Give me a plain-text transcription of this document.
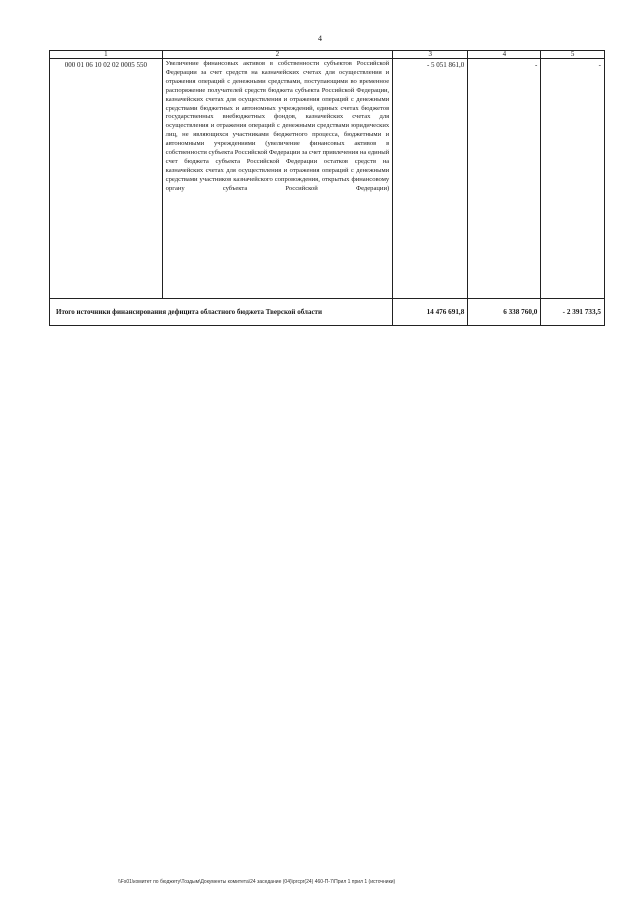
4
1	2	3	4	5
000 01 06 10 02 02 0005 550	Увеличение финансовых активов в собственности субъектов Российской Федерации за счет средств на казначейских счетах для осуществления и отражения операций с денежными средствами, поступающими во временное распоряжение получателей средств бюджета субъекта Российской Федерации, казначейских счетах для осуществления и отражения операций с денежными средствами бюджетных и автономных учреждений, единых счетах бюджетов государственных внебюджетных фондов, казначейских счетах для осуществления и отражения операций с денежными средствами юридических лиц, не являющихся участниками бюджетного процесса, бюджетными и автономными учреждениями (увеличение финансовых активов в собственности субъекта Российской Федерации за счет привлечения на единый счет бюджета субъекта Российской Федерации остатков средств на казначейских счетах для осуществления и отражения операций с денежными средствами участников казначейского сопровождения, открытых финансовому органу субъекта Российской Федерации)	- 5 051 861,0	-	-
Итого источники финансирования дефицита областного бюджета Тверской области		14 476 691,8	6 338 760,0	- 2 391 733,5
\\Fs01\комитет по бюджету\Тоздым\Документы комитета\24 заседание (04)\prcpr(24) 460-П-7\Прил 1 прил 1 (источники)
